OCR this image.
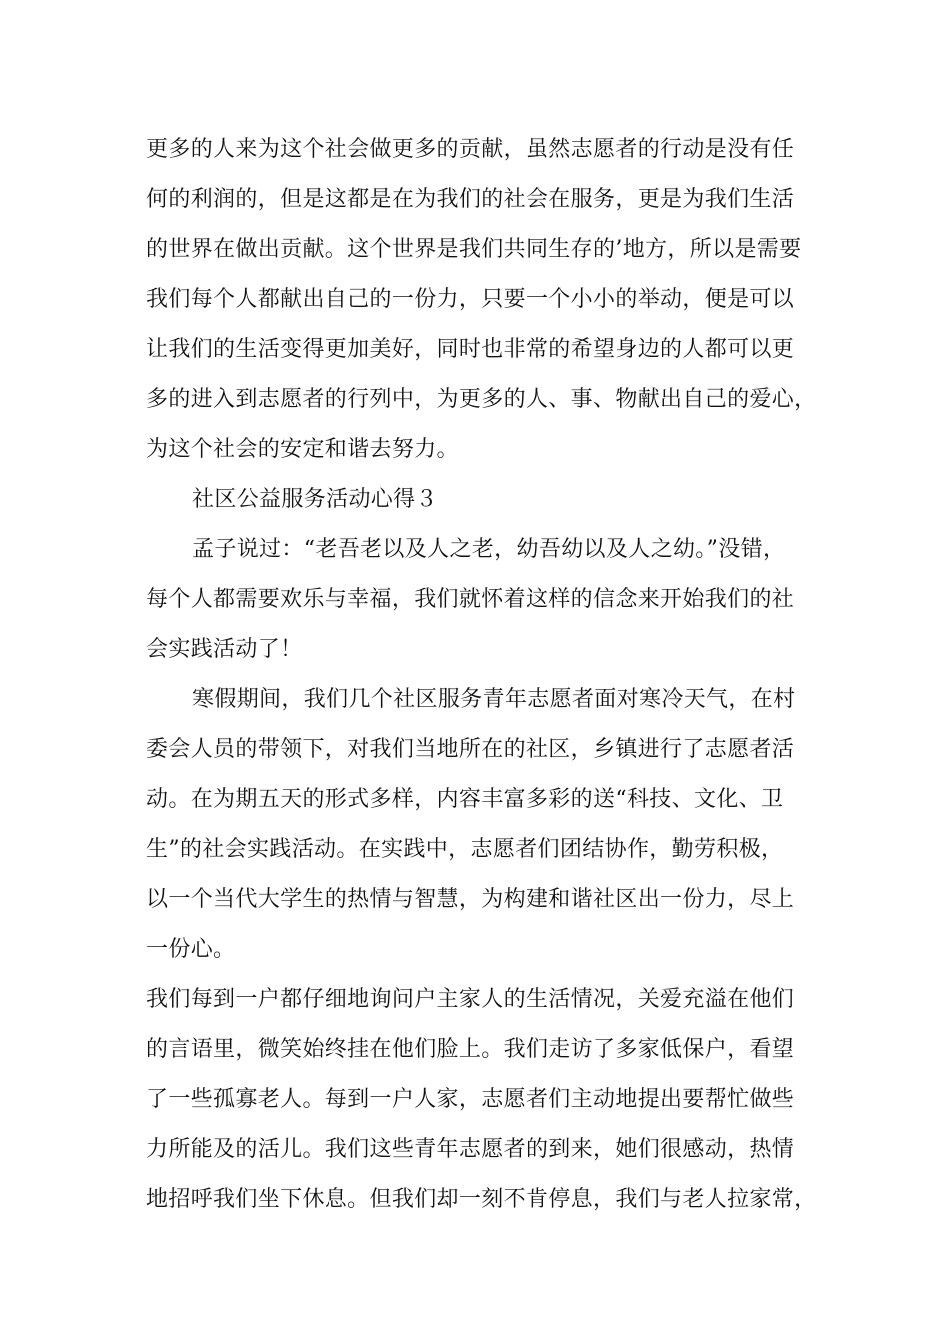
更多的人来为这个社会做更多的贡献，虽然志愿者的行动是没有任
何的利润的，但是这都是在为我们的社会在服务，更是为我们生活
的世界在做出贡献。这个世界是我们共同生存的’地方，所以是需要
我们每个人都献出自己的一份力，只要一个小小的举动，便是可以
让我们的生活变得更加美好，同时也非常的希望身边的人都可以更
多的进入到志愿者的行列中，为更多的人、事、物献出自己的爱心，
为这个社会的安定和谐去努力。
社区公益服务活动心得３
孟子说过：“老吾老以及人之老，幼吾幼以及人之幼。”没错，
每个人都需要欢乐与幸福，我们就怀着这样的信念来开始我们的社
会实践活动了！
寒假期间，我们几个社区服务青年志愿者面对寒冷天气，在村
委会人员的带领下，对我们当地所在的社区，乡镇进行了志愿者活
动。在为期五天的形式多样，内容丰富多彩的送“科技、文化、卫
生”的社会实践活动。在实践中，志愿者们团结协作，勤劳积极，
以一个当代大学生的热情与智慧，为构建和谐社区出一份力，尽上
一份心。
我们每到一户都仔细地询问户主家人的生活情况，关爱充溢在他们
的言语里，微笑始终挂在他们脸上。我们走访了多家低保户，看望
了一些孤寡老人。每到一户人家，志愿者们主动地提出要帮忙做些
力所能及的活儿。我们这些青年志愿者的到来，她们很感动，热情
地招呼我们坐下休息。但我们却一刻不肯停息，我们与老人拉家常，
